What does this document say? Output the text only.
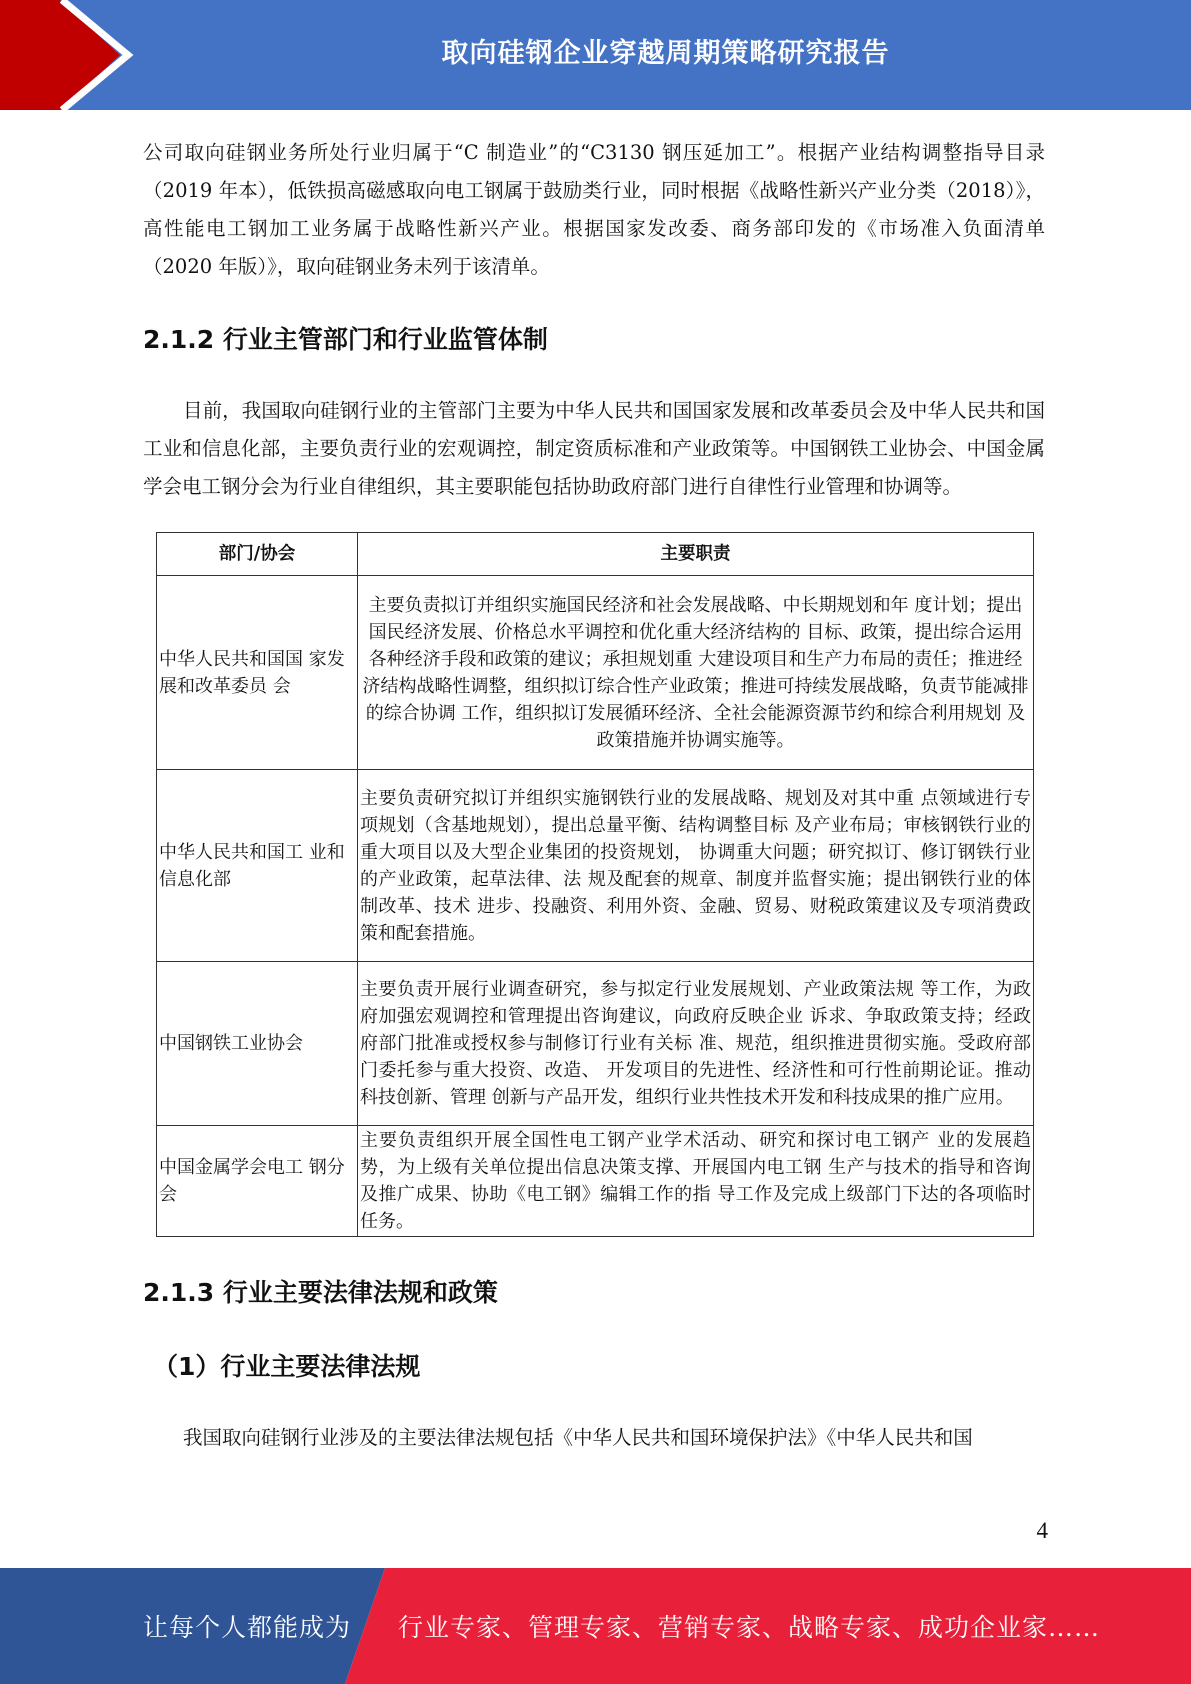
取向硅钢企业穿越周期策略研究报告

公司取向硅钢业务所处行业归属于“C 制造业”的“C3130 钢压延加工”。根据产业结构调整指导目录（2019 年本），低铁损高磁感取向电工钢属于鼓励类行业，同时根据《战略性新兴产业分类（2018）》，高性能电工钢加工业务属于战略性新兴产业。根据国家发改委、商务部印发的《市场准入负面清单（2020 年版）》，取向硅钢业务未列于该清单。

2.1.2 行业主管部门和行业监管体制

目前，我国取向硅钢行业的主管部门主要为中华人民共和国国家发展和改革委员会及中华人民共和国工业和信息化部，主要负责行业的宏观调控，制定资质标准和产业政策等。中国钢铁工业协会、中国金属学会电工钢分会为行业自律组织，其主要职能包括协助政府部门进行自律性行业管理和协调等。

部门/协会	主要职责
中华人民共和国国 家发展和改革委员 会	主要负责拟订并组织实施国民经济和社会发展战略、中长期规划和年 度计划；提出国民经济发展、价格总水平调控和优化重大经济结构的 目标、政策，提出综合运用各种经济手段和政策的建议；承担规划重 大建设项目和生产力布局的责任；推进经济结构战略性调整，组织拟订综合性产业政策；推进可持续发展战略，负责节能减排的综合协调 工作，组织拟订发展循环经济、全社会能源资源节约和综合利用规划 及政策措施并协调实施等。
中华人民共和国工 业和信息化部	主要负责研究拟订并组织实施钢铁行业的发展战略、规划及对其中重 点领域进行专项规划（含基地规划），提出总量平衡、结构调整目标 及产业布局；审核钢铁行业的重大项目以及大型企业集团的投资规划， 协调重大问题；研究拟订、修订钢铁行业的产业政策，起草法律、法 规及配套的规章、制度并监督实施；提出钢铁行业的体制改革、技术 进步、投融资、利用外资、金融、贸易、财税政策建议及专项消费政 策和配套措施。
中国钢铁工业协会	主要负责开展行业调查研究，参与拟定行业发展规划、产业政策法规 等工作，为政府加强宏观调控和管理提出咨询建议，向政府反映企业 诉求、争取政策支持；经政府部门批准或授权参与制修订行业有关标 准、规范，组织推进贯彻实施。受政府部门委托参与重大投资、改造、 开发项目的先进性、经济性和可行性前期论证。推动科技创新、管理 创新与产品开发，组织行业共性技术开发和科技成果的推广应用。
中国金属学会电工 钢分会	主要负责组织开展全国性电工钢产业学术活动、研究和探讨电工钢产 业的发展趋势，为上级有关单位提出信息决策支撑、开展国内电工钢 生产与技术的指导和咨询及推广成果、协助《电工钢》编辑工作的指 导工作及完成上级部门下达的各项临时任务。
2.1.3 行业主要法律法规和政策
（1）行业主要法律法规

我国取向硅钢行业涉及的主要法律法规包括《中华人民共和国环境保护法》《中华人民共和国

4
让每个人都能成为 行业专家、管理专家、营销专家、战略专家、成功企业家……
